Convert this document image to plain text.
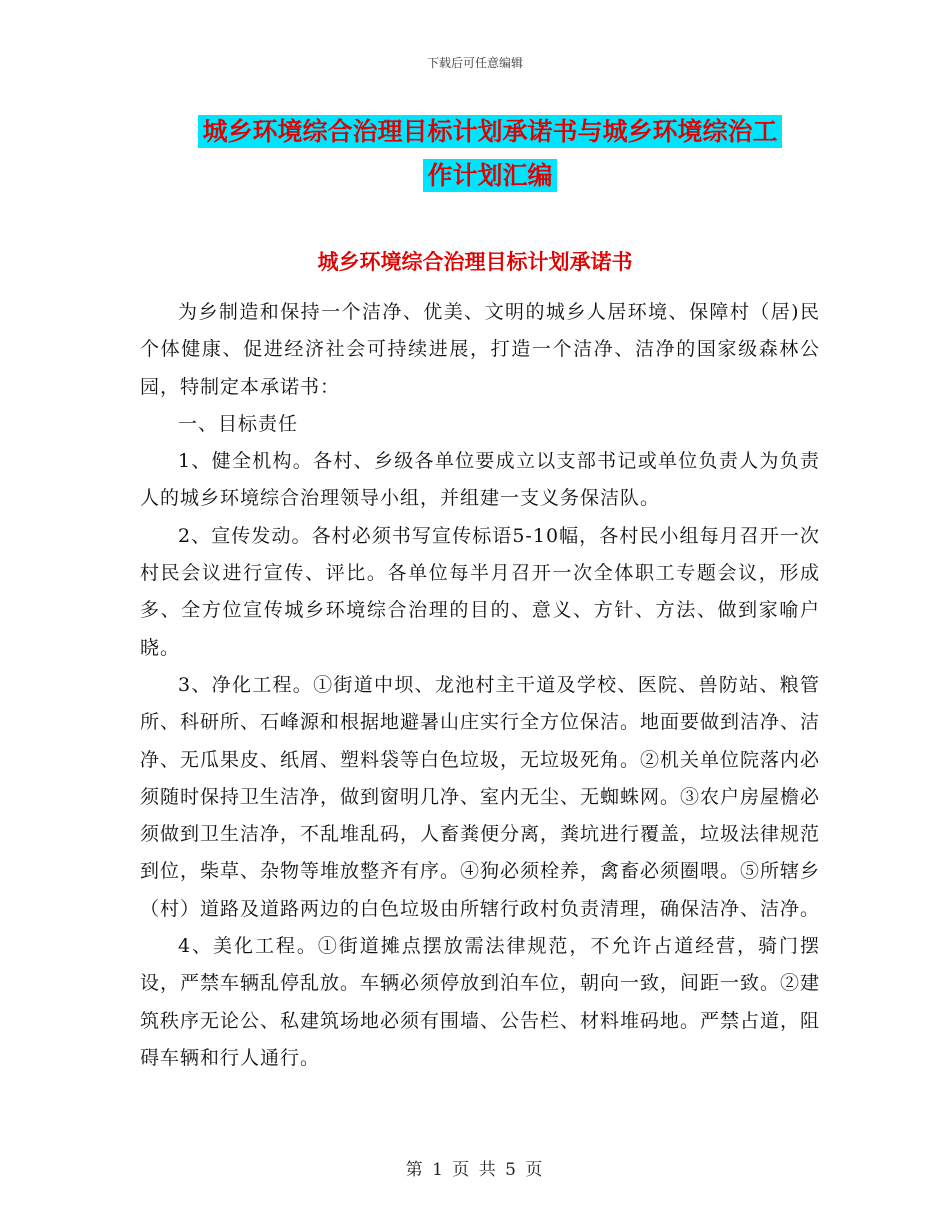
下载后可任意编辑
城乡环境综合治理目标计划承诺书与城乡环境综治工
作计划汇编
城乡环境综合治理目标计划承诺书

为乡制造和保持一个洁净、优美、文明的城乡人居环境、保障村（居)民个体健康、促进经济社会可持续进展，打造一个洁净、洁净的国家级森林公园，特制定本承诺书：

一、目标责任

1、健全机构。各村、乡级各单位要成立以支部书记或单位负责人为负责人的城乡环境综合治理领导小组，并组建一支义务保洁队。

2、宣传发动。各村必须书写宣传标语5-10幅，各村民小组每月召开一次村民会议进行宣传、评比。各单位每半月召开一次全体职工专题会议，形成多、全方位宣传城乡环境综合治理的目的、意义、方针、方法、做到家喻户晓。

3、净化工程。①街道中坝、龙池村主干道及学校、医院、兽防站、粮管所、科研所、石峰源和根据地避暑山庄实行全方位保洁。地面要做到洁净、洁净、无瓜果皮、纸屑、塑料袋等白色垃圾，无垃圾死角。②机关单位院落内必须随时保持卫生洁净，做到窗明几净、室内无尘、无蜘蛛网。③农户房屋檐必须做到卫生洁净，不乱堆乱码，人畜粪便分离，粪坑进行覆盖，垃圾法律规范到位，柴草、杂物等堆放整齐有序。④狗必须栓养，禽畜必须圈喂。⑤所辖乡（村）道路及道路两边的白色垃圾由所辖行政村负责清理，确保洁净、洁净。

4、美化工程。①街道摊点摆放需法律规范，不允许占道经营，骑门摆设，严禁车辆乱停乱放。车辆必须停放到泊车位，朝向一致，间距一致。②建筑秩序无论公、私建筑场地必须有围墙、公告栏、材料堆码地。严禁占道，阻碍车辆和行人通行。

第 1 页 共 5 页
